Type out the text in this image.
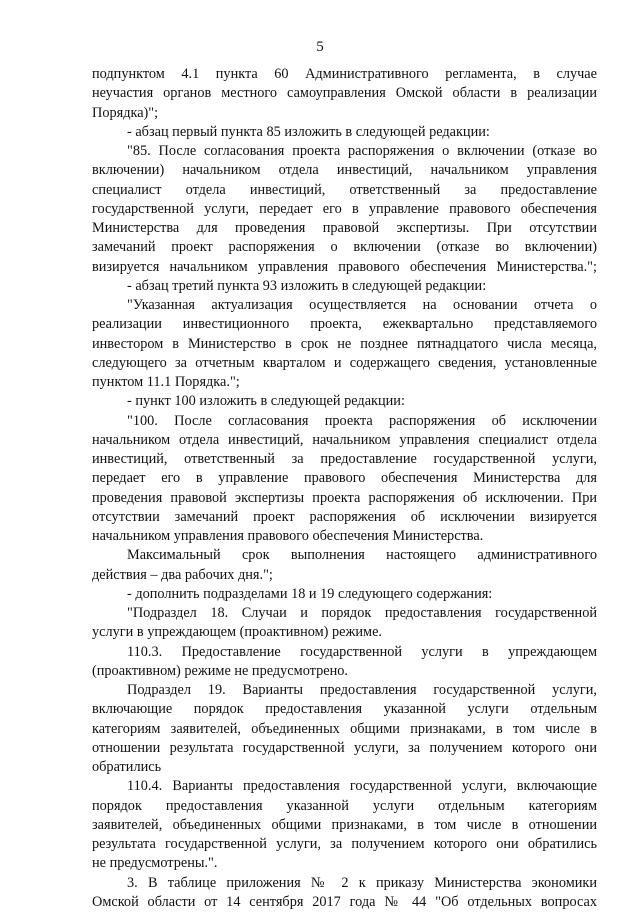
5
подпунктом 4.1 пункта 60 Административного регламента, в случае
неучастия органов местного самоуправления Омской области в реализации
Порядка)";
- абзац первый пункта 85 изложить в следующей редакции:
"85. После согласования проекта распоряжения о включении (отказе во
включении) начальником отдела инвестиций, начальником управления
специалист отдела инвестиций, ответственный за предоставление
государственной услуги, передает его в управление правового обеспечения
Министерства для проведения правовой экспертизы. При отсутствии
замечаний проект распоряжения о включении (отказе во включении)
визируется начальником управления правового обеспечения Министерства.";
- абзац третий пункта 93 изложить в следующей редакции:
"Указанная актуализация осуществляется на основании отчета о
реализации инвестиционного проекта, ежеквартально представляемого
инвестором в Министерство в срок не позднее пятнадцатого числа месяца,
следующего за отчетным кварталом и содержащего сведения, установленные
пунктом 11.1 Порядка.";
- пункт 100 изложить в следующей редакции:
"100. После согласования проекта распоряжения об исключении
начальником отдела инвестиций, начальником управления специалист отдела
инвестиций, ответственный за предоставление государственной услуги,
передает его в управление правового обеспечения Министерства для
проведения правовой экспертизы проекта распоряжения об исключении. При
отсутствии замечаний проект распоряжения об исключении визируется
начальником управления правового обеспечения Министерства.
Максимальный срок выполнения настоящего административного
действия – два рабочих дня.";
- дополнить подразделами 18 и 19 следующего содержания:
"Подраздел 18. Случаи и порядок предоставления государственной
услуги в упреждающем (проактивном) режиме.
110.3. Предоставление государственной услуги в упреждающем
(проактивном) режиме не предусмотрено.
Подраздел 19. Варианты предоставления государственной услуги,
включающие порядок предоставления указанной услуги отдельным
категориям заявителей, объединенных общими признаками, в том числе в
отношении результата государственной услуги, за получением которого они
обратились
110.4. Варианты предоставления государственной услуги, включающие
порядок предоставления указанной услуги отдельным категориям
заявителей, объединенных общими признаками, в том числе в отношении
результата государственной услуги, за получением которого они обратились
не предусмотрены.".
3. В таблице приложения № 2 к приказу Министерства экономики
Омской области от 14 сентября 2017 года № 44 "Об отдельных вопросах
